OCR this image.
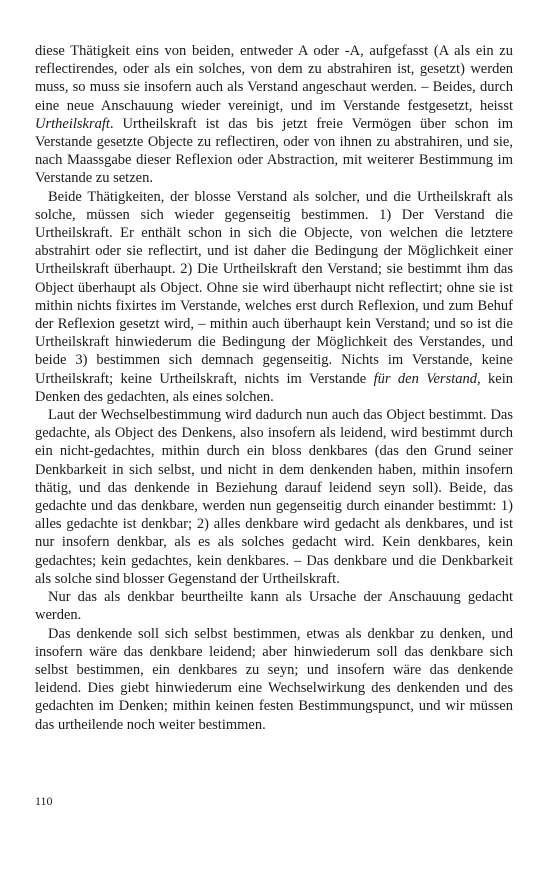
diese Thätigkeit eins von beiden, entweder A oder -A, aufgefasst (A als ein zu reflectirendes, oder als ein solches, von dem zu abstrahiren ist, gesetzt) werden muss, so muss sie insofern auch als Verstand angeschaut werden. – Beides, durch eine neue Anschauung wieder vereinigt, und im Verstande festgesetzt, heisst Urtheilskraft. Urtheilskraft ist das bis jetzt freie Vermögen über schon im Verstande gesetzte Objecte zu reflectiren, oder von ihnen zu abstrahiren, und sie, nach Maassgabe dieser Reflexion oder Abstraction, mit weiterer Bestimmung im Verstande zu setzen.

Beide Thätigkeiten, der blosse Verstand als solcher, und die Urtheilskraft als solche, müssen sich wieder gegenseitig bestimmen. 1) Der Verstand die Urtheilskraft. Er enthält schon in sich die Objecte, von welchen die letztere abstrahirt oder sie reflectirt, und ist daher die Bedingung der Möglichkeit einer Urtheilskraft überhaupt. 2) Die Urtheilskraft den Verstand; sie bestimmt ihm das Object überhaupt als Object. Ohne sie wird überhaupt nicht reflectirt; ohne sie ist mithin nichts fixirtes im Verstande, welches erst durch Reflexion, und zum Behuf der Reflexion gesetzt wird, – mithin auch überhaupt kein Verstand; und so ist die Urtheilskraft hinwiederum die Bedingung der Möglichkeit des Verstandes, und beide 3) bestimmen sich demnach gegenseitig. Nichts im Verstande, keine Urtheilskraft; keine Urtheilskraft, nichts im Verstande für den Verstand, kein Denken des gedachten, als eines solchen.

Laut der Wechselbestimmung wird dadurch nun auch das Object bestimmt. Das gedachte, als Object des Denkens, also insofern als leidend, wird bestimmt durch ein nicht-gedachtes, mithin durch ein bloss denkbares (das den Grund seiner Denkbarkeit in sich selbst, und nicht in dem denkenden haben, mithin insofern thätig, und das denkende in Beziehung darauf leidend seyn soll). Beide, das gedachte und das denkbare, werden nun gegenseitig durch einander bestimmt: 1) alles gedachte ist denkbar; 2) alles denkbare wird gedacht als denkbares, und ist nur insofern denkbar, als es als solches gedacht wird. Kein denkbares, kein gedachtes; kein gedachtes, kein denkbares. – Das denkbare und die Denkbarkeit als solche sind blosser Gegenstand der Urtheilskraft.

Nur das als denkbar beurtheilte kann als Ursache der Anschauung gedacht werden.

Das denkende soll sich selbst bestimmen, etwas als denkbar zu denken, und insofern wäre das denkbare leidend; aber hinwiederum soll das denkbare sich selbst bestimmen, ein denkbares zu seyn; und insofern wäre das denkende leidend. Dies giebt hinwiederum eine Wechselwirkung des denkenden und des gedachten im Denken; mithin keinen festen Bestimmungspunct, und wir müssen das urtheilende noch weiter bestimmen.

110
